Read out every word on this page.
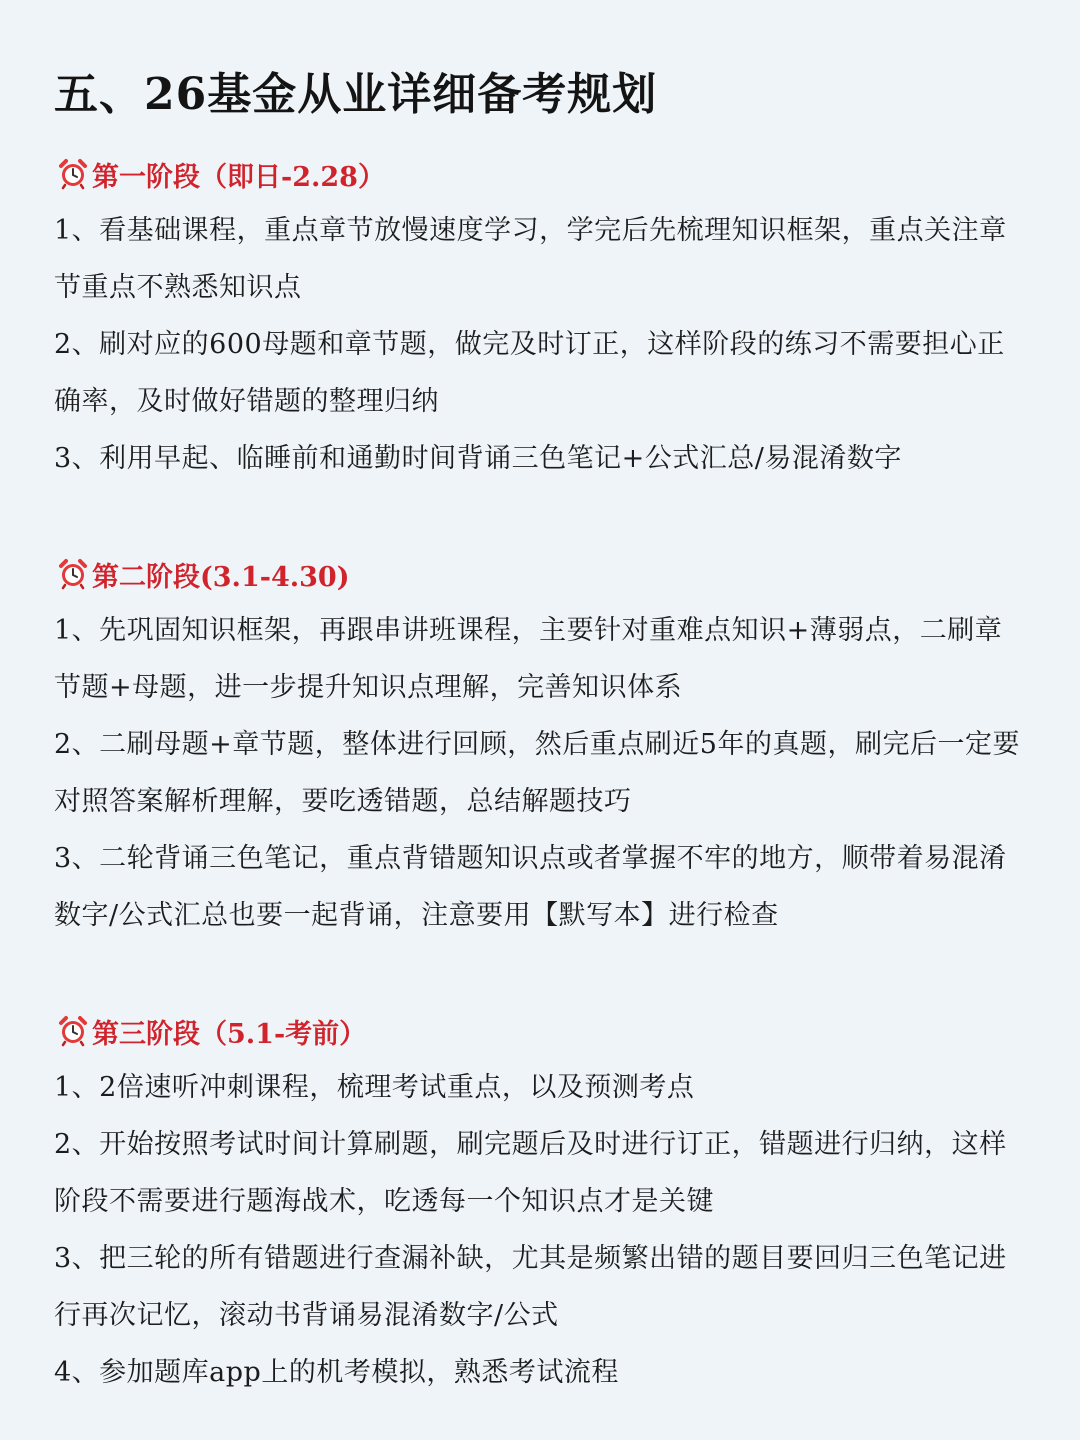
五、26基金从业详细备考规划
第一阶段（即日-2.28）

1、看基础课程，重点章节放慢速度学习，学完后先梳理知识框架，重点关注章节重点不熟悉知识点

2、刷对应的600母题和章节题，做完及时订正，这样阶段的练习不需要担心正确率，及时做好错题的整理归纳

3、利用早起、临睡前和通勤时间背诵三色笔记+公式汇总/易混淆数字

第二阶段(3.1-4.30)

1、先巩固知识框架，再跟串讲班课程，主要针对重难点知识+薄弱点，二刷章节题+母题，进一步提升知识点理解，完善知识体系

2、二刷母题+章节题，整体进行回顾，然后重点刷近5年的真题，刷完后一定要对照答案解析理解，要吃透错题，总结解题技巧

3、二轮背诵三色笔记，重点背错题知识点或者掌握不牢的地方，顺带着易混淆数字/公式汇总也要一起背诵，注意要用【默写本】进行检查

第三阶段（5.1-考前）

1、2倍速听冲刺课程，梳理考试重点，以及预测考点

2、开始按照考试时间计算刷题，刷完题后及时进行订正，错题进行归纳，这样阶段不需要进行题海战术，吃透每一个知识点才是关键

3、把三轮的所有错题进行查漏补缺，尤其是频繁出错的题目要回归三色笔记进行再次记忆，滚动书背诵易混淆数字/公式

4、参加题库app上的机考模拟，熟悉考试流程
